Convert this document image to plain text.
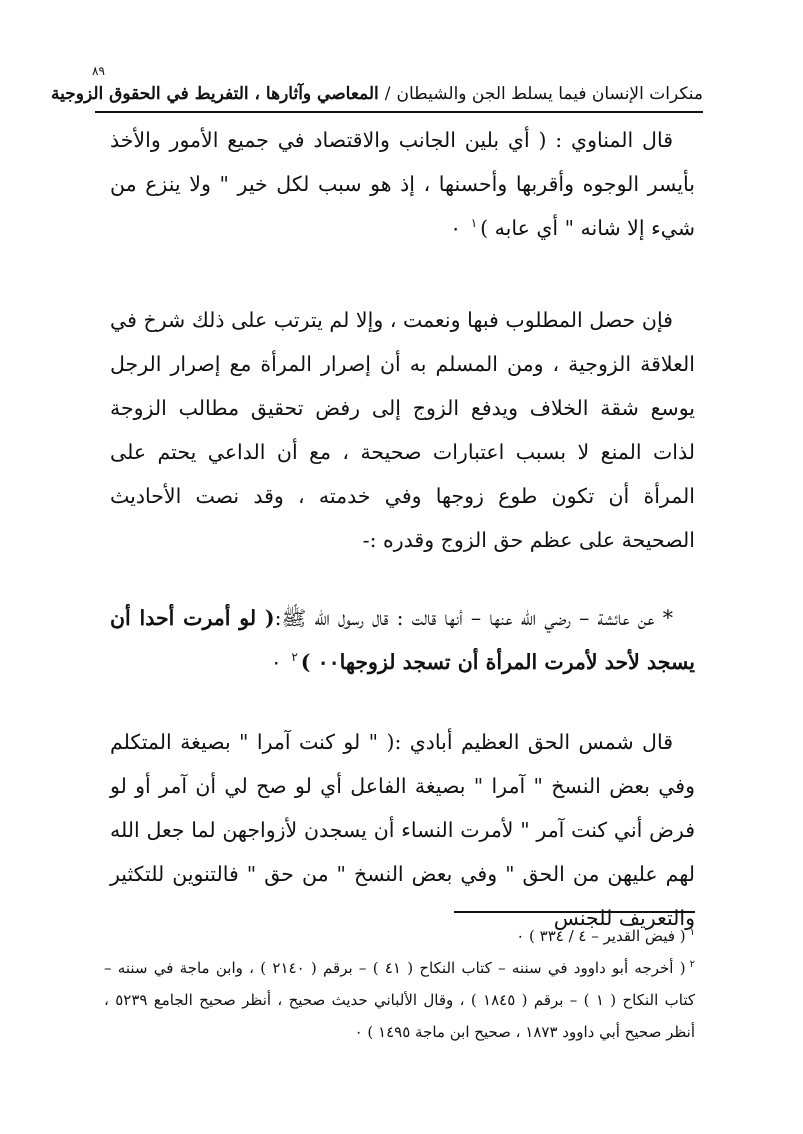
منكرات الإنسان فيما يسلط الجن والشيطان
/
المعاصي وآثارها ، التفريط في الحقوق الزوجية
٨٩
قال المناوي : ( أي بلين الجانب والاقتصاد في جميع الأمور والأخذ بأيسر الوجوه وأقربها وأحسنها ، إذ هو سبب لكل خير " ولا ينزع من شيء إلا شانه " أي عابه )$^١$ ٠
فإن حصل المطلوب فبها ونعمت ، وإلا لم يترتب على ذلك شرخ في العلاقة الزوجية ، ومن المسلم به أن إصرار المرأة مع إصرار الرجل يوسع شقة الخلاف ويدفع الزوج إلى رفض تحقيق مطالب الزوجة لذات المنع لا بسبب اعتبارات صحيحة ، مع أن الداعي يحتم على المرأة أن تكون طوع زوجها وفي خدمته ، وقد نصت الأحاديث الصحيحة على عظم حق الزوج وقدره :-
* عن عائشة – رضي الله عنها – أنها قالت : قال رسول الله ﷺ:( لو أمرت أحدا أن يسجد لأحد لأمرت المرأة أن تسجد لزوجها٠٠ )$^٢$ ٠
قال شمس الحق العظيم أبادي :( " لو كنت آمرا " بصيغة المتكلم وفي بعض النسخ " آمرا " بصيغة الفاعل أي لو صح لي أن آمر أو لو فرض أني كنت آمر " لأمرت النساء أن يسجدن لأزواجهن لما جعل الله لهم عليهن من الحق " وفي بعض النسخ " من حق " فالتنوين للتكثير والتعريف للجنس

$^١$( فيض القدير – ٤ / ٣٣٤ ) ٠

$^٢$( أخرجه أبو داوود في سننه – كتاب النكاح ( ٤١ ) – برقم ( ٢١٤٠ ) ، وابن ماجة في سننه – كتاب النكاح ( ١ ) – برقم ( ١٨٤٥ ) ، وقال الألباني حديث صحيح ، أنظر صحيح الجامع ٥٢٣٩ ، أنظر صحيح أبي داوود ١٨٧٣ ، صحيح ابن ماجة ١٤٩٥ ) ٠
